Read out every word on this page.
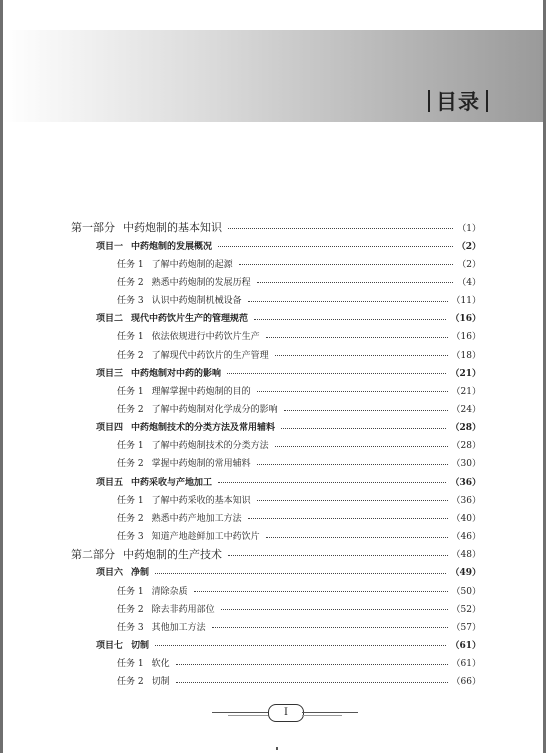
目录
第一部分 中药炮制的基本知识	（1）
项目一 中药炮制的发展概况	（2）
任务 1 了解中药炮制的起源	（2）
任务 2 熟悉中药炮制的发展历程	（4）
任务 3 认识中药炮制机械设备	（11）
项目二 现代中药饮片生产的管理规范	（16）
任务 1 依法依规进行中药饮片生产	（16）
任务 2 了解现代中药饮片的生产管理	（18）
项目三 中药炮制对中药的影响	（21）
任务 1 理解掌握中药炮制的目的	（21）
任务 2 了解中药炮制对化学成分的影响	（24）
项目四 中药炮制技术的分类方法及常用辅料	（28）
任务 1 了解中药炮制技术的分类方法	（28）
任务 2 掌握中药炮制的常用辅料	（30）
项目五 中药采收与产地加工	（36）
任务 1 了解中药采收的基本知识	（36）
任务 2 熟悉中药产地加工方法	（40）
任务 3 知道产地趁鲜加工中药饮片	（46）
第二部分 中药炮制的生产技术	（48）
项目六 净制	（49）
任务 1 清除杂质	（50）
任务 2 除去非药用部位	（52）
任务 3 其他加工方法	（57）
项目七 切制	（61）
任务 1 软化	（61）
任务 2 切制	（66）
I
